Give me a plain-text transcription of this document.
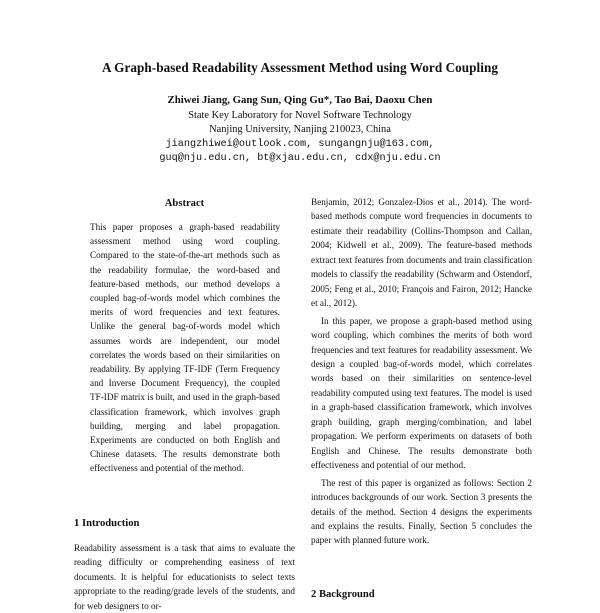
A Graph-based Readability Assessment Method using Word Coupling
Zhiwei Jiang, Gang Sun, Qing Gu*, Tao Bai, Daoxu Chen
State Key Laboratory for Novel Software Technology
Nanjing University, Nanjing 210023, China
jiangzhiwei@outlook.com, sungangnju@163.com,
guq@nju.edu.cn, bt@xjau.edu.cn, cdx@nju.edu.cn
Abstract
This paper proposes a graph-based readability assessment method using word coupling. Compared to the state-of-the-art methods such as the readability formulae, the word-based and feature-based methods, our method develops a coupled bag-of-words model which combines the merits of word frequencies and text features. Unlike the general bag-of-words model which assumes words are independent, our model correlates the words based on their similarities on readability. By applying TF-IDF (Term Frequency and Inverse Document Frequency), the coupled TF-IDF matrix is built, and used in the graph-based classification framework, which involves graph building, merging and label propagation. Experiments are conducted on both English and Chinese datasets. The results demonstrate both effectiveness and potential of the method.
1 Introduction

Readability assessment is a task that aims to evaluate the reading difficulty or comprehending easiness of text documents. It is helpful for educationists to select texts appropriate to the reading/grade levels of the students, and for web designers to or-

Benjamin, 2012; Gonzalez-Dios et al., 2014). The word-based methods compute word frequencies in documents to estimate their readability (Collins-Thompson and Callan, 2004; Kidwell et al., 2009). The feature-based methods extract text features from documents and train classification models to classify the readability (Schwarm and Ostendorf, 2005; Feng et al., 2010; François and Fairon, 2012; Hancke et al., 2012).

In this paper, we propose a graph-based method using word coupling, which combines the merits of both word frequencies and text features for readability assessment. We design a coupled bag-of-words model, which correlates words based on their similarities on sentence-level readability computed using text features. The model is used in a graph-based classification framework, which involves graph building, graph merging/combination, and label propagation. We perform experiments on datasets of both English and Chinese. The results demonstrate both effectiveness and potential of our method.

The rest of this paper is organized as follows: Section 2 introduces backgrounds of our work. Section 3 presents the details of the method. Section 4 designs the experiments and explains the results. Finally, Section 5 concludes the paper with planned future work.

2 Background
